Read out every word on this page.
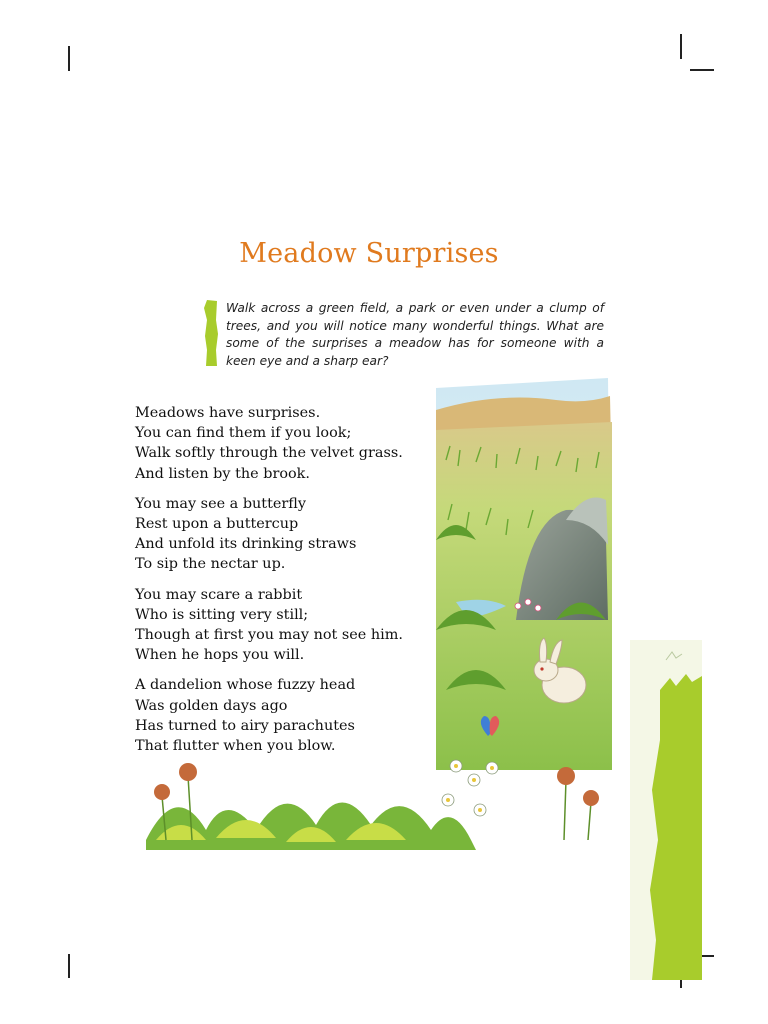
Meadow Surprises

Walk across a green field, a park or even under a clump of trees, and you will notice many wonderful things. What are some of the surprises a meadow has for someone with a keen eye and a sharp ear?

Meadows have surprises.
You can find them if you look;
Walk softly through the velvet grass.
And listen by the brook.
You may see a butterfly
Rest upon a buttercup
And unfold its drinking straws
To sip the nectar up.
You may scare a rabbit
Who is sitting very still;
Though at first you may not see him.
When he hops you will.
A dandelion whose fuzzy head
Was golden days ago
Has turned to airy parachutes
That flutter when you blow.
